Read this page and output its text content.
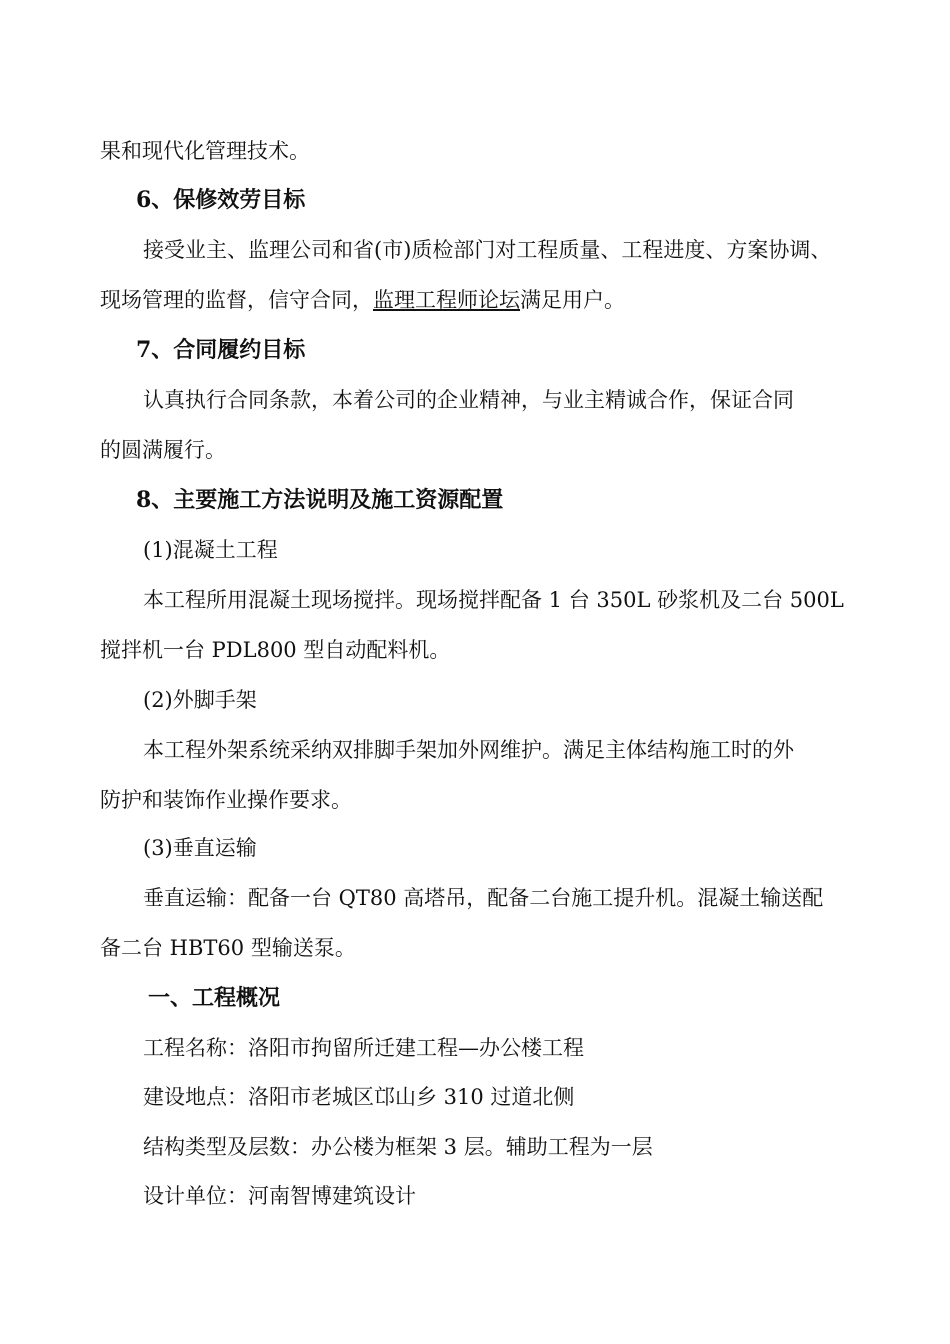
果和现代化管理技术。
6、保修效劳目标
接受业主、监理公司和省(市)质检部门对工程质量、工程进度、方案协调、
现场管理的监督，信守合同，监理工程师论坛满足用户。
7、合同履约目标
认真执行合同条款，本着公司的企业精神，与业主精诚合作，保证合同
的圆满履行。
8、主要施工方法说明及施工资源配置
(1)混凝土工程
本工程所用混凝土现场搅拌。现场搅拌配备 1 台 350L 砂浆机及二台 500L
搅拌机一台 PDL800 型自动配料机。
(2)外脚手架
本工程外架系统采纳双排脚手架加外网维护。满足主体结构施工时的外
防护和装饰作业操作要求。
(3)垂直运输
垂直运输：配备一台 QT80 高塔吊，配备二台施工提升机。混凝土输送配
备二台 HBT60 型输送泵。
一、工程概况
工程名称：洛阳市拘留所迁建工程—办公楼工程
建设地点：洛阳市老城区邙山乡 310 过道北侧
结构类型及层数：办公楼为框架 3 层。辅助工程为一层
设计单位：河南智博建筑设计
